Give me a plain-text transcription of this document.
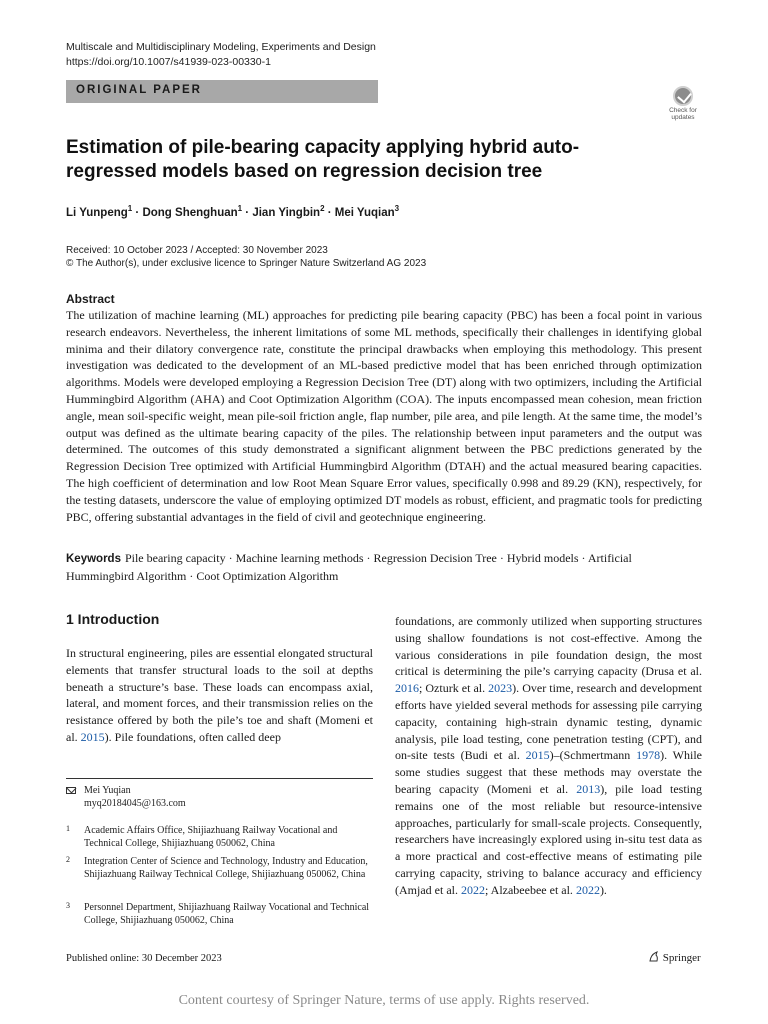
Multiscale and Multidisciplinary Modeling, Experiments and Design
https://doi.org/10.1007/s41939-023-00330-1
ORIGINAL PAPER
Check for
updates
Estimation of pile-bearing capacity applying hybrid auto-regressed models based on regression decision tree
Li Yunpeng$^1$ · Dong Shenghuan$^1$ · Jian Yingbin$^2$ · Mei Yuqian$^3$
Received: 10 October 2023 / Accepted: 30 November 2023
© The Author(s), under exclusive licence to Springer Nature Switzerland AG 2023
Abstract
The utilization of machine learning (ML) approaches for predicting pile bearing capacity (PBC) has been a focal point in various research endeavors. Nevertheless, the inherent limitations of some ML methods, specifically their challenges in identifying global minima and their dilatory convergence rate, constitute the principal drawbacks when employing this methodology. This present investigation was dedicated to the development of an ML-based predictive model that has been enriched through optimization algorithms. Models were developed employing a Regression Decision Tree (DT) along with two optimizers, including the Artificial Hummingbird Algorithm (AHA) and Coot Optimization Algorithm (COA). The inputs encompassed mean cohesion, mean friction angle, mean soil-specific weight, mean pile-soil friction angle, flap number, pile area, and pile length. At the same time, the model’s output was defined as the ultimate bearing capacity of the piles. The relationship between input parameters and the output was determined. The outcomes of this study demonstrated a significant alignment between the PBC predictions generated by the Regression Decision Tree optimized with Artificial Hummingbird Algorithm (DTAH) and the actual measured bearing capacities. The high coefficient of determination and low Root Mean Square Error values, specifically 0.998 and 89.29 (KN), respectively, for the testing datasets, underscore the value of employing optimized DT models as robust, efficient, and pragmatic tools for predicting PBC, offering substantial advantages in the field of civil and geotechnique engineering.
Keywords Pile bearing capacity · Machine learning methods · Regression Decision Tree · Hybrid models · Artificial Hummingbird Algorithm · Coot Optimization Algorithm
1 Introduction
In structural engineering, piles are essential elongated structural elements that transfer structural loads to the soil at depths beneath a structure’s base. These loads can encompass axial, lateral, and moment forces, and their transmission relies on the resistance offered by both the pile’s toe and shaft (Momeni et al. 2015). Pile foundations, often called deep
foundations, are commonly utilized when supporting structures using shallow foundations is not cost-effective. Among the various considerations in pile foundation design, the most critical is determining the pile’s carrying capacity (Drusa et al. 2016; Ozturk et al. 2023). Over time, research and development efforts have yielded several methods for assessing pile carrying capacity, containing high-strain dynamic testing, dynamic analysis, pile load testing, cone penetration testing (CPT), and on-site tests (Budi et al. 2015)–(Schmertmann 1978). While some studies suggest that these methods may overstate the bearing capacity (Momeni et al. 2013), pile load testing remains one of the most reliable but resource-intensive approaches, particularly for small-scale projects. Consequently, researchers have increasingly explored using in-situ test data as a more practical and cost-effective means of estimating pile carrying capacity, striving to balance accuracy and efficiency (Amjad et al. 2022; Alzabeebee et al. 2022).
Mei Yuqian
myq20184045@163.com
1 Academic Affairs Office, Shijiazhuang Railway Vocational and Technical College, Shijiazhuang 050062, China
2 Integration Center of Science and Technology, Industry and Education, Shijiazhuang Railway Technical College, Shijiazhuang 050062, China
3 Personnel Department, Shijiazhuang Railway Vocational and Technical College, Shijiazhuang 050062, China
Published online: 30 December 2023	Springer
Content courtesy of Springer Nature, terms of use apply. Rights reserved.
